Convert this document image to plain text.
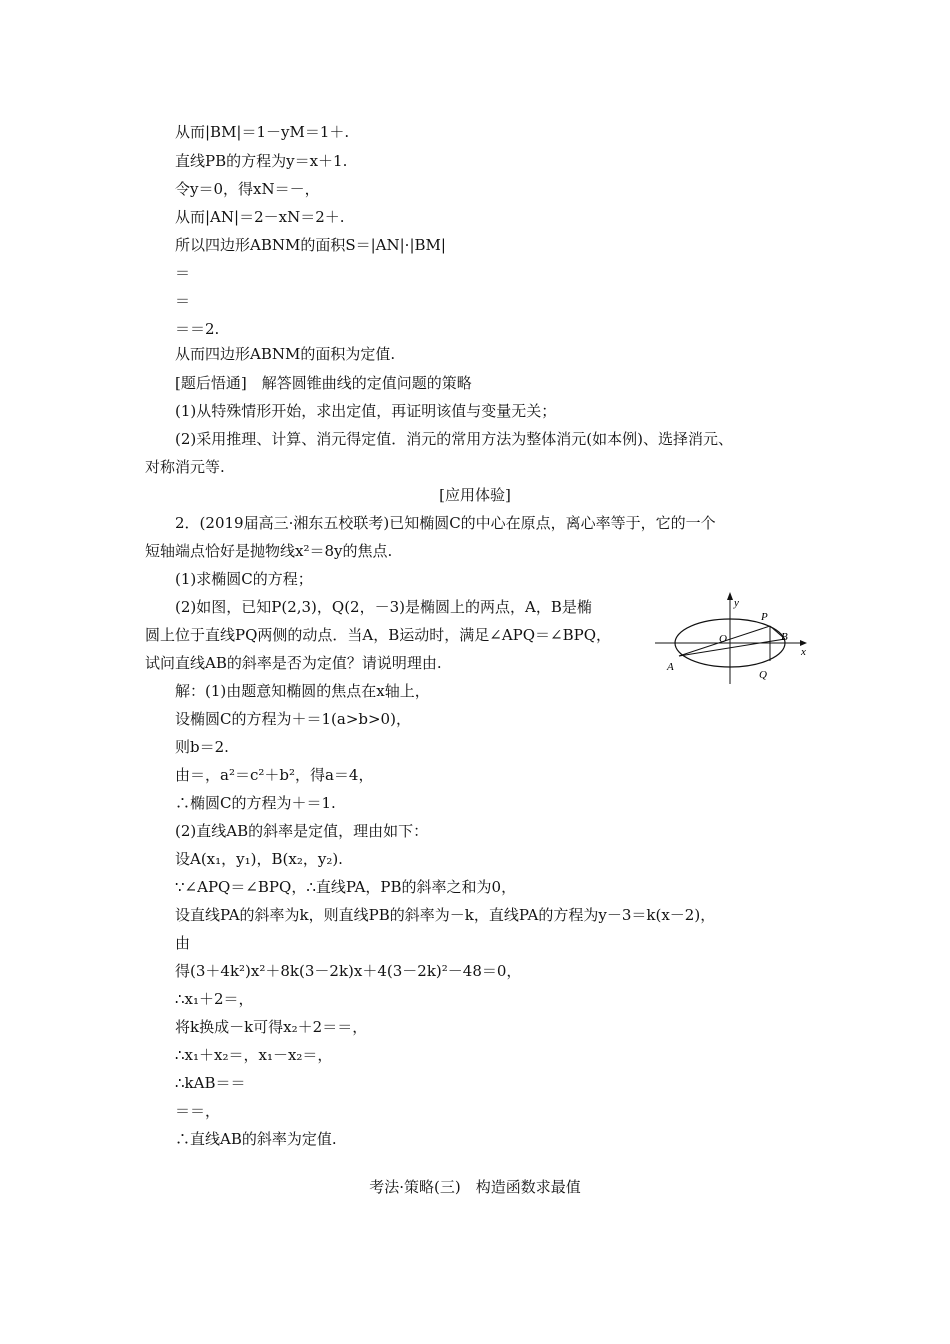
从而|BM|＝1－yM＝1＋.
直线PB的方程为y＝x＋1.
令y＝0，得xN＝－，
从而|AN|＝2－xN＝2＋.
所以四边形ABNM的面积S＝|AN|·|BM|
＝
＝
＝＝2.
从而四边形ABNM的面积为定值.
[题后悟通]　解答圆锥曲线的定值问题的策略
(1)从特殊情形开始，求出定值，再证明该值与变量无关；
(2)采用推理、计算、消元得定值．消元的常用方法为整体消元(如本例)、选择消元、
对称消元等.
[应用体验]
2．(2019届高三·湘东五校联考)已知椭圆C的中心在原点，离心率等于，它的一个
短轴端点恰好是抛物线x²＝8y的焦点.
(1)求椭圆C的方程；
(2)如图，已知P(2,3)，Q(2，－3)是椭圆上的两点，A，B是椭
圆上位于直线PQ两侧的动点．当A，B运动时，满足∠APQ＝∠BPQ，
试问直线AB的斜率是否为定值？请说明理由.
解：(1)由题意知椭圆的焦点在x轴上，
设椭圆C的方程为＋＝1(a>b>0)，
则b＝2.
由＝，a²＝c²＋b²，得a＝4，
∴椭圆C的方程为＋＝1.
(2)直线AB的斜率是定值，理由如下：
设A(x₁，y₁)，B(x₂，y₂).
∵∠APQ＝∠BPQ，∴直线PA，PB的斜率之和为0，
设直线PA的斜率为k，则直线PB的斜率为－k，直线PA的方程为y－3＝k(x－2)，
由
得(3＋4k²)x²＋8k(3－2k)x＋4(3－2k)²－48＝0，
∴x₁＋2＝，
将k换成－k可得x₂＋2＝＝，
∴x₁＋x₂＝，x₁－x₂＝，
∴kAB＝＝
＝＝，
∴直线AB的斜率为定值.
y
x
O
P
B
A
Q
考法·策略(三)　构造函数求最值
